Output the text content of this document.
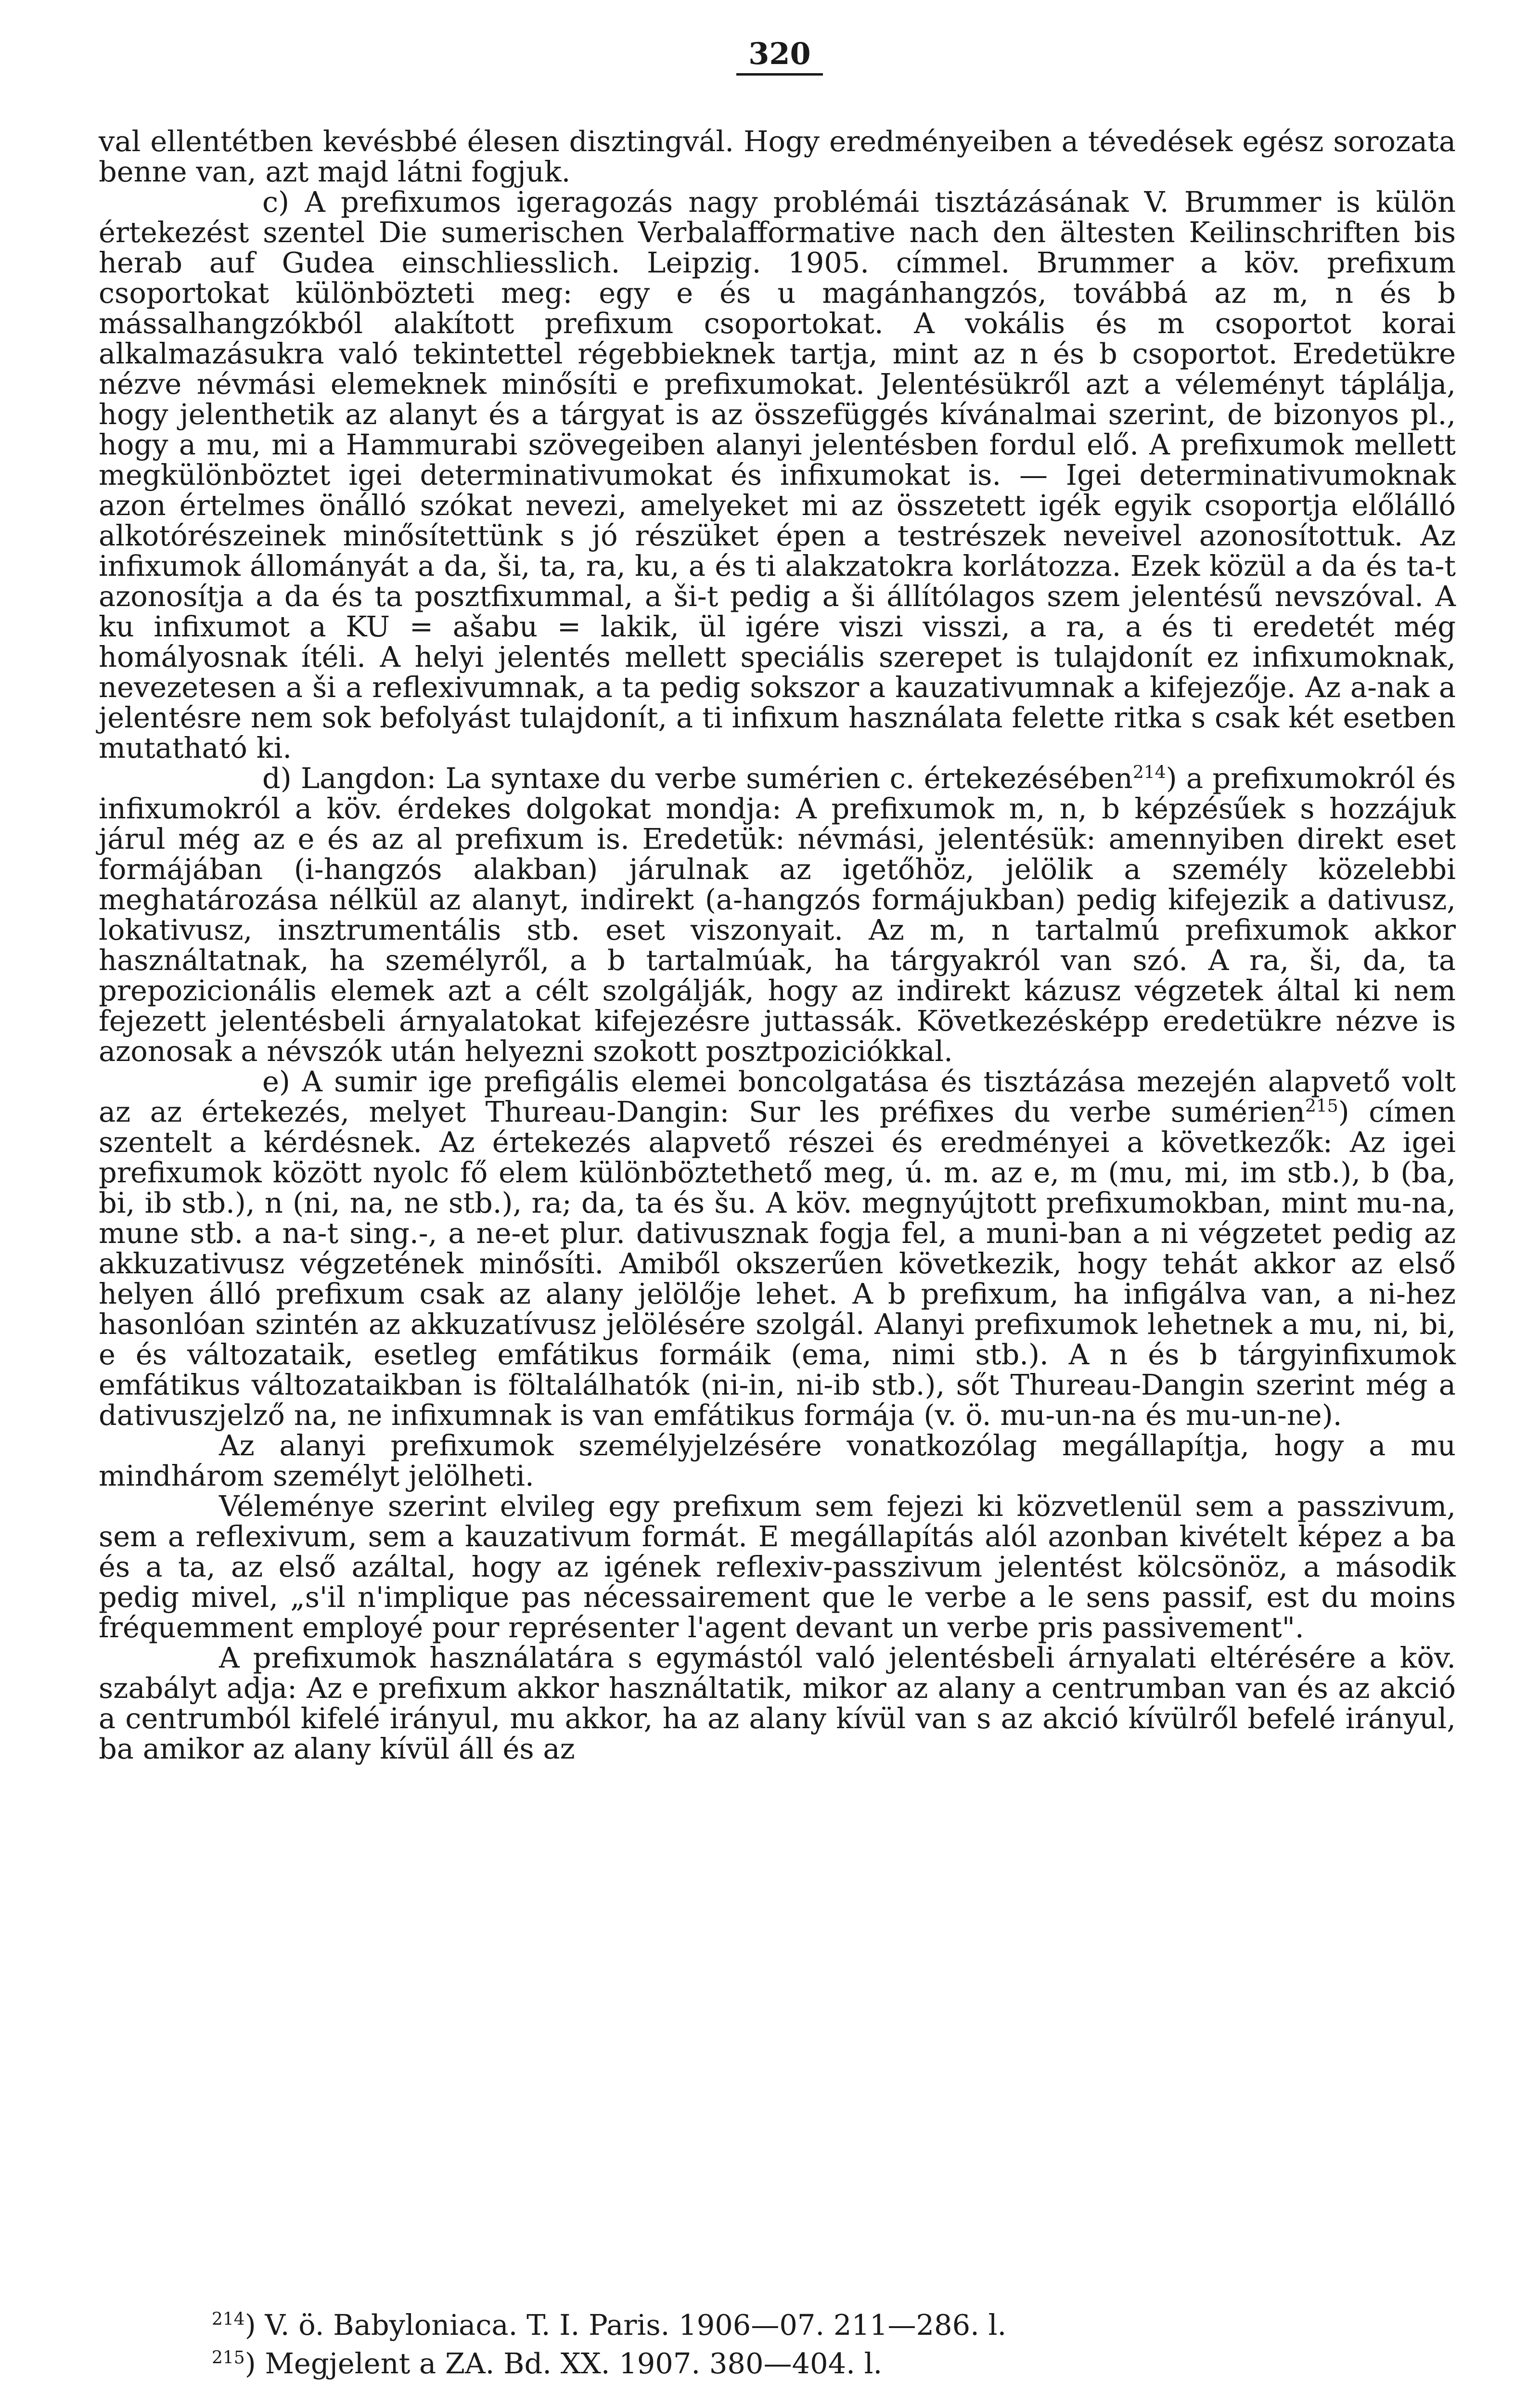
320

val ellentétben kevésbbé élesen disztingvál. Hogy eredményeiben a tévedések egész sorozata benne van, azt majd látni fogjuk.

c) A prefixumos igeragozás nagy problémái tisztázásának V. Brummer is külön értekezést szentel Die sumerischen Verbalafformative nach den ältesten Keilinschriften bis herab auf Gudea einschliesslich. Leipzig. 1905. címmel. Brummer a köv. prefixum csoportokat különbözteti meg: egy e és u magánhangzós, továbbá az m, n és b mássalhangzókból alakított prefixum csoportokat. A vokális és m csoportot korai alkalmazásukra való tekintettel régebbieknek tartja, mint az n és b csoportot. Eredetükre nézve névmási elemeknek minősíti e prefixumokat. Jelentésükről azt a véleményt táplálja, hogy jelenthetik az alanyt és a tárgyat is az összefüggés kívánalmai szerint, de bizonyos pl., hogy a mu, mi a Hammurabi szövegeiben alanyi jelentésben fordul elő. A prefixumok mellett megkülönböztet igei determinativumokat és infixumokat is. — Igei determinativumoknak azon értelmes önálló szókat nevezi, amelyeket mi az összetett igék egyik csoportja előlálló alkotórészeinek minősítettünk s jó részüket épen a testrészek neveivel azonosítottuk. Az infixumok állományát a da, ši, ta, ra, ku, a és ti alakzatokra korlátozza. Ezek közül a da és ta-t azonosítja a da és ta posztfixummal, a ši-t pedig a ši állítólagos szem jelentésű nevszóval. A ku infixumot a KU = ašabu = lakik, ül igére viszi visszi, a ra, a és ti eredetét még homályosnak ítéli. A helyi jelentés mellett speciális szerepet is tulajdonít ez infixumoknak, nevezetesen a ši a reflexivumnak, a ta pedig sokszor a kauzativumnak a kifejezője. Az a-nak a jelentésre nem sok befolyást tulajdonít, a ti infixum használata felette ritka s csak két esetben mutatható ki.

d) Langdon: La syntaxe du verbe sumérien c. értekezésében$^{214}$) a prefixumokról és infixumokról a köv. érdekes dolgokat mondja: A prefixumok m, n, b képzésűek s hozzájuk járul még az e és az al prefixum is. Eredetük: névmási, jelentésük: amennyiben direkt eset formájában (i-hangzós alakban) járulnak az igetőhöz, jelölik a személy közelebbi meghatározása nélkül az alanyt, indirekt (a-hangzós formájukban) pedig kifejezik a dativusz, lokativusz, insztrumentális stb. eset viszonyait. Az m, n tartalmú prefixumok akkor használtatnak, ha személyről, a b tartalmúak, ha tárgyakról van szó. A ra, ši, da, ta prepozicionális elemek azt a célt szolgálják, hogy az indirekt kázusz végzetek által ki nem fejezett jelentésbeli árnyalatokat kifejezésre juttassák. Következésképp eredetükre nézve is azonosak a névszók után helyezni szokott posztpoziciókkal.

e) A sumir ige prefigális elemei boncolgatása és tisztázása mezején alapvető volt az az értekezés, melyet Thureau-Dangin: Sur les préfixes du verbe sumérien$^{215}$) címen szentelt a kérdésnek. Az értekezés alapvető részei és eredményei a következők: Az igei prefixumok között nyolc fő elem különböztethető meg, ú. m. az e, m (mu, mi, im stb.), b (ba, bi, ib stb.), n (ni, na, ne stb.), ra; da, ta és šu. A köv. megnyújtott prefixumokban, mint mu-na, mune stb. a na-t sing.-, a ne-et plur. dativusznak fogja fel, a muni-ban a ni végzetet pedig az akkuzativusz végzetének minősíti. Amiből okszerűen következik, hogy tehát akkor az első helyen álló prefixum csak az alany jelölője lehet. A b prefixum, ha infigálva van, a ni-hez hasonlóan szintén az akkuzatívusz jelölésére szolgál. Alanyi prefixumok lehetnek a mu, ni, bi, e és változataik, esetleg emfátikus formáik (ema, nimi stb.). A n és b tárgyinfixumok emfátikus változataikban is föltalálhatók (ni-in, ni-ib stb.), sőt Thureau-Dangin szerint még a dativuszjelző na, ne infixumnak is van emfátikus formája (v. ö. mu-un-na és mu-un-ne).

Az alanyi prefixumok személyjelzésére vonatkozólag megállapítja, hogy a mu mindhárom személyt jelölheti.

Véleménye szerint elvileg egy prefixum sem fejezi ki közvetlenül sem a passzivum, sem a reflexivum, sem a kauzativum formát. E megállapítás alól azonban kivételt képez a ba és a ta, az első azáltal, hogy az igének reflexiv-passzivum jelentést kölcsönöz, a második pedig mivel, „s'il n'implique pas nécessairement que le verbe a le sens passif, est du moins fréquemment employé pour représenter l'agent devant un verbe pris passivement".

A prefixumok használatára s egymástól való jelentésbeli árnyalati eltérésére a köv. szabályt adja: Az e prefixum akkor használtatik, mikor az alany a centrumban van és az akció a centrumból kifelé irányul, mu akkor, ha az alany kívül van s az akció kívülről befelé irányul, ba amikor az alany kívül áll és az

$^{214}$) V. ö. Babyloniaca. T. I. Paris. 1906—07. 211—286. l.

$^{215}$) Megjelent a ZA. Bd. XX. 1907. 380—404. l.
